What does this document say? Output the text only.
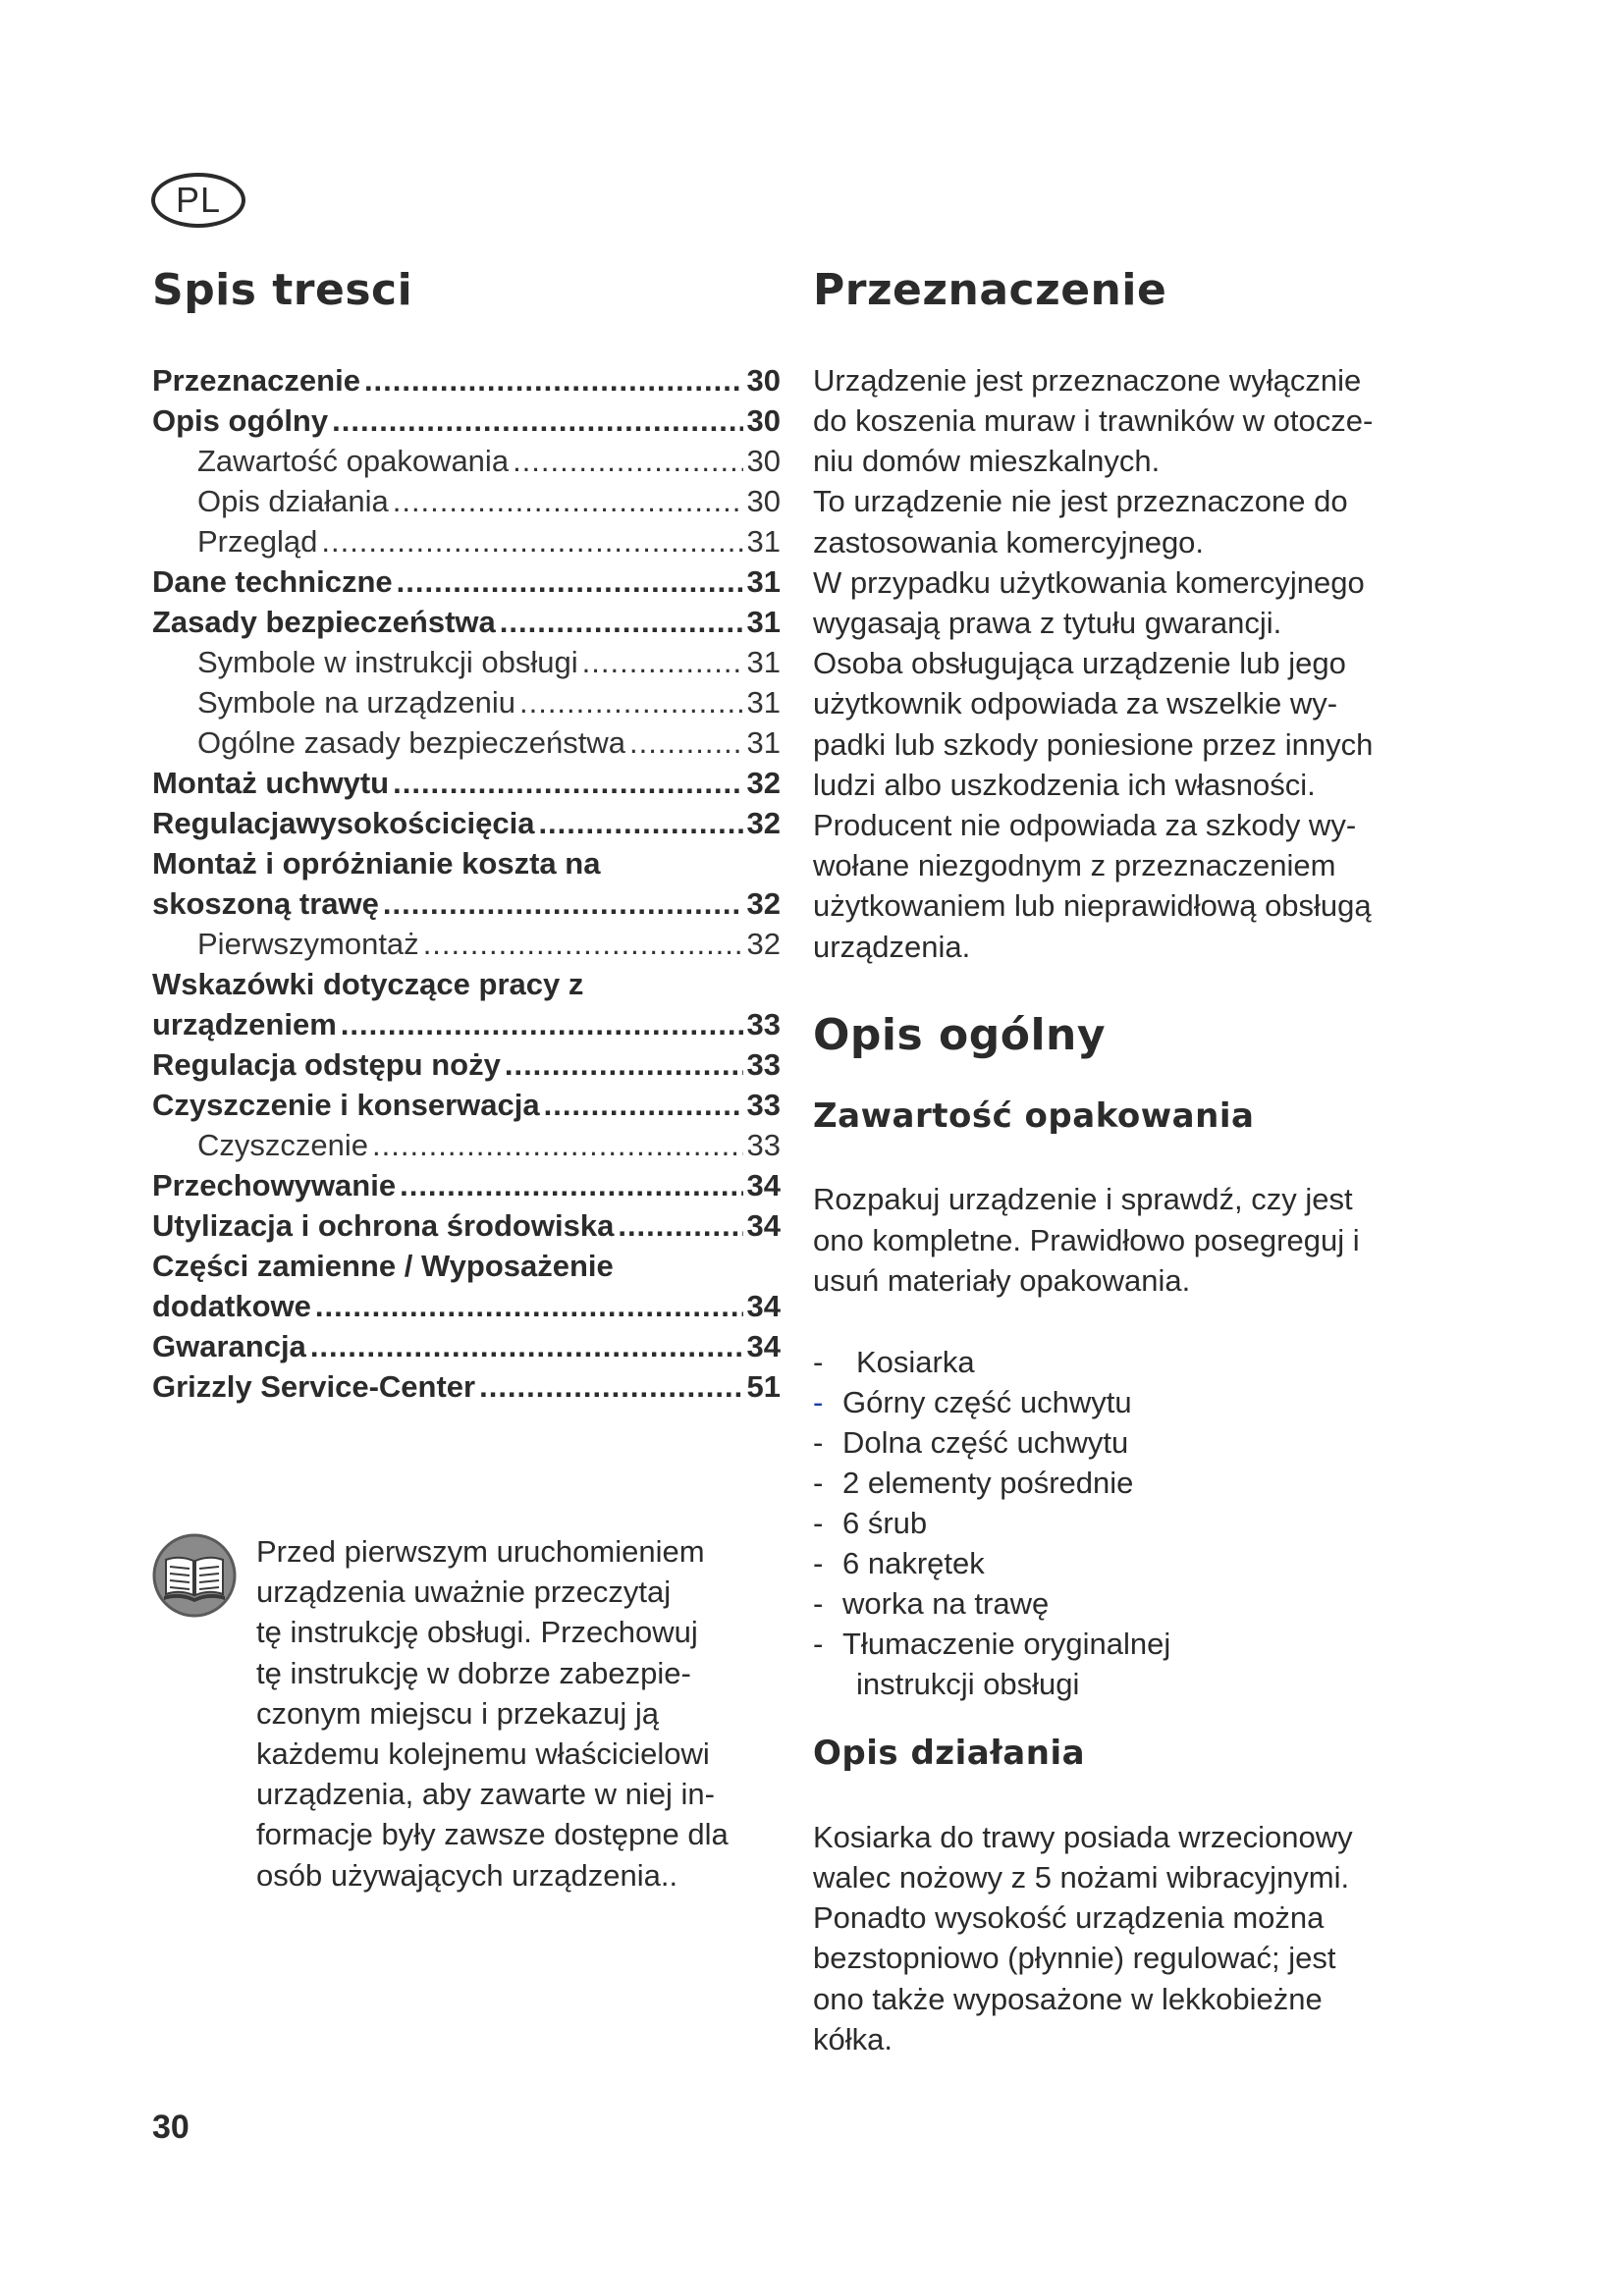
PL
Spis tresci
Przeznaczenie .....	30
Opis ogólny .....	30
Zawartość opakowania .....	30
Opis działania .....	30
Przegląd .....	31
Dane techniczne .....	31
Zasady bezpieczeństwa .....	31
Symbole w instrukcji obsługi .....	31
Symbole na urządzeniu .....	31
Ogólne zasady bezpieczeństwa .....	31
Montaż uchwytu .....	32
Regulacjawysokościcięcia .....	32
Montaż i opróżnianie koszta na
skoszoną trawę .....	32
Pierwszymontaż .....	32
Wskazówki dotyczące pracy z
urządzeniem .....	33
Regulacja odstępu noży .....	33
Czyszczenie i konserwacja .....	33
Czyszczenie .....	33
Przechowywanie .....	34
Utylizacja i ochrona środowiska .....	34
Części zamienne / Wyposażenie
dodatkowe .....	34
Gwarancja .....	34
Grizzly Service-Center .....	51
Przed pierwszym uruchomieniem
urządzenia uważnie przeczytaj
tę instrukcję obsługi. Przechowuj
tę instrukcję w dobrze zabezpie-
czonym miejscu i przekazuj ją
każdemu kolejnemu właścicielowi
urządzenia, aby zawarte w niej in-
formacje były zawsze dostępne dla
osób używających urządzenia..
30
Przeznaczenie
Urządzenie jest przeznaczone wyłącznie
do koszenia muraw i trawników w otocze-
niu domów mieszkalnych.
To urządzenie nie jest przeznaczone do
zastosowania komercyjnego.
W przypadku użytkowania komercyjnego
wygasają prawa z tytułu gwarancji.
Osoba obsługująca urządzenie lub jego
użytkownik odpowiada za wszelkie wy-
padki lub szkody poniesione przez innych
ludzi albo uszkodzenia ich własności.
Producent nie odpowiada za szkody wy-
wołane niezgodnym z przeznaczeniem
użytkowaniem lub nieprawidłową obsługą
urządzenia.
Opis ogólny
Zawartość opakowania
Rozpakuj urządzenie i sprawdź, czy jest
ono kompletne. Prawidłowo posegreguj i
usuń materiały opakowania.
-	Kosiarka
- Górny część uchwytu
- Dolna część uchwytu
- 2 elementy pośrednie
- 6 śrub
- 6 nakrętek
- worka na trawę
- Tłumaczenie oryginalnej
instrukcji obsługi
Opis działania
Kosiarka do trawy posiada wrzecionowy
walec nożowy z 5 nożami wibracyjnymi.
Ponadto wysokość urządzenia można
bezstopniowo (płynnie) regulować; jest
ono także wyposażone w lekkobieżne
kółka.
